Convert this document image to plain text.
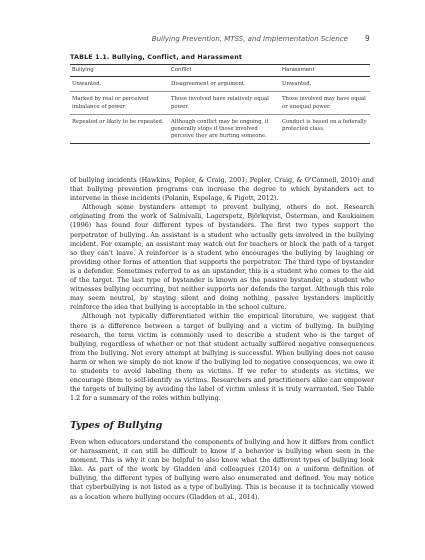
Bullying Prevention, MTSS, and Implementation Science 9
TABLE 1.1. Bullying, Conflict, and Harassment
Bullying	Conflict	Harassment
Unwanted.	Disagreement or argument.	Unwanted.
Marked by real or perceived imbalance of power.	Those involved have relatively equal power.	Those involved may have equal or unequal power.
Repeated or likely to be repeated.	Although conflict may be ongoing, it generally stops if those involved perceive they are hurting someone.	Conduct is based on a federally protected class.

of bullying incidents (Hawkins, Pepler, & Craig, 2001; Pepler, Craig, & O'Connell, 2010) and that bullying prevention programs can increase the degree to which bystanders act to intervene in these incidents (Polanin, Espelage, & Pigott, 2012).

Although some bystanders attempt to prevent bullying, others do not. Research originating from the work of Salmivalli, Lagerspetz, Björkqvist, Österman, and Kaukiainen (1996) has found four different types of bystanders. The first two types support the perpetrator of bullying. An assistant is a student who actually gets involved in the bullying incident. For example, an assistant may watch out for teachers or block the path of a target so they can't leave. A reinforcer is a student who encourages the bullying by laughing or providing other forms of attention that supports the perpetrator. The third type of bystander is a defender. Sometimes referred to as an upstander, this is a student who comes to the aid of the target. The last type of bystander is known as the passive bystander, a student who witnesses bullying occurring, but neither supports nor defends the target. Although this role may seem neutral, by staying silent and doing nothing, passive bystanders implicitly reinforce the idea that bullying is acceptable in the school culture.

Although not typically differentiated within the empirical literature, we suggest that there is a difference between a target of bullying and a victim of bullying. In bullying research, the term victim is commonly used to describe a student who is the target of bullying, regardless of whether or not that student actually suffered negative consequences from the bullying. Not every attempt at bullying is successful. When bullying does not cause harm or when we simply do not know if the bullying led to negative consequences, we owe it to students to avoid labeling them as victims. If we refer to students as victims, we encourage them to self-identify as victims. Researchers and practitioners alike can empower the targets of bullying by avoiding the label of victim unless it is truly warranted. See Table 1.2 for a summary of the roles within bullying.

Types of Bullying

Even when educators understand the components of bullying and how it differs from conflict or harassment, it can still be difficult to know if a behavior is bullying when seen in the moment. This is why it can be helpful to also know what the different types of bullying look like. As part of the work by Gladden and colleagues (2014) on a uniform definition of bullying, the different types of bullying were also enumerated and defined. You may notice that cyberbullying is not listed as a type of bullying. This is because it is technically viewed as a location where bullying occurs (Gladden et al., 2014).
